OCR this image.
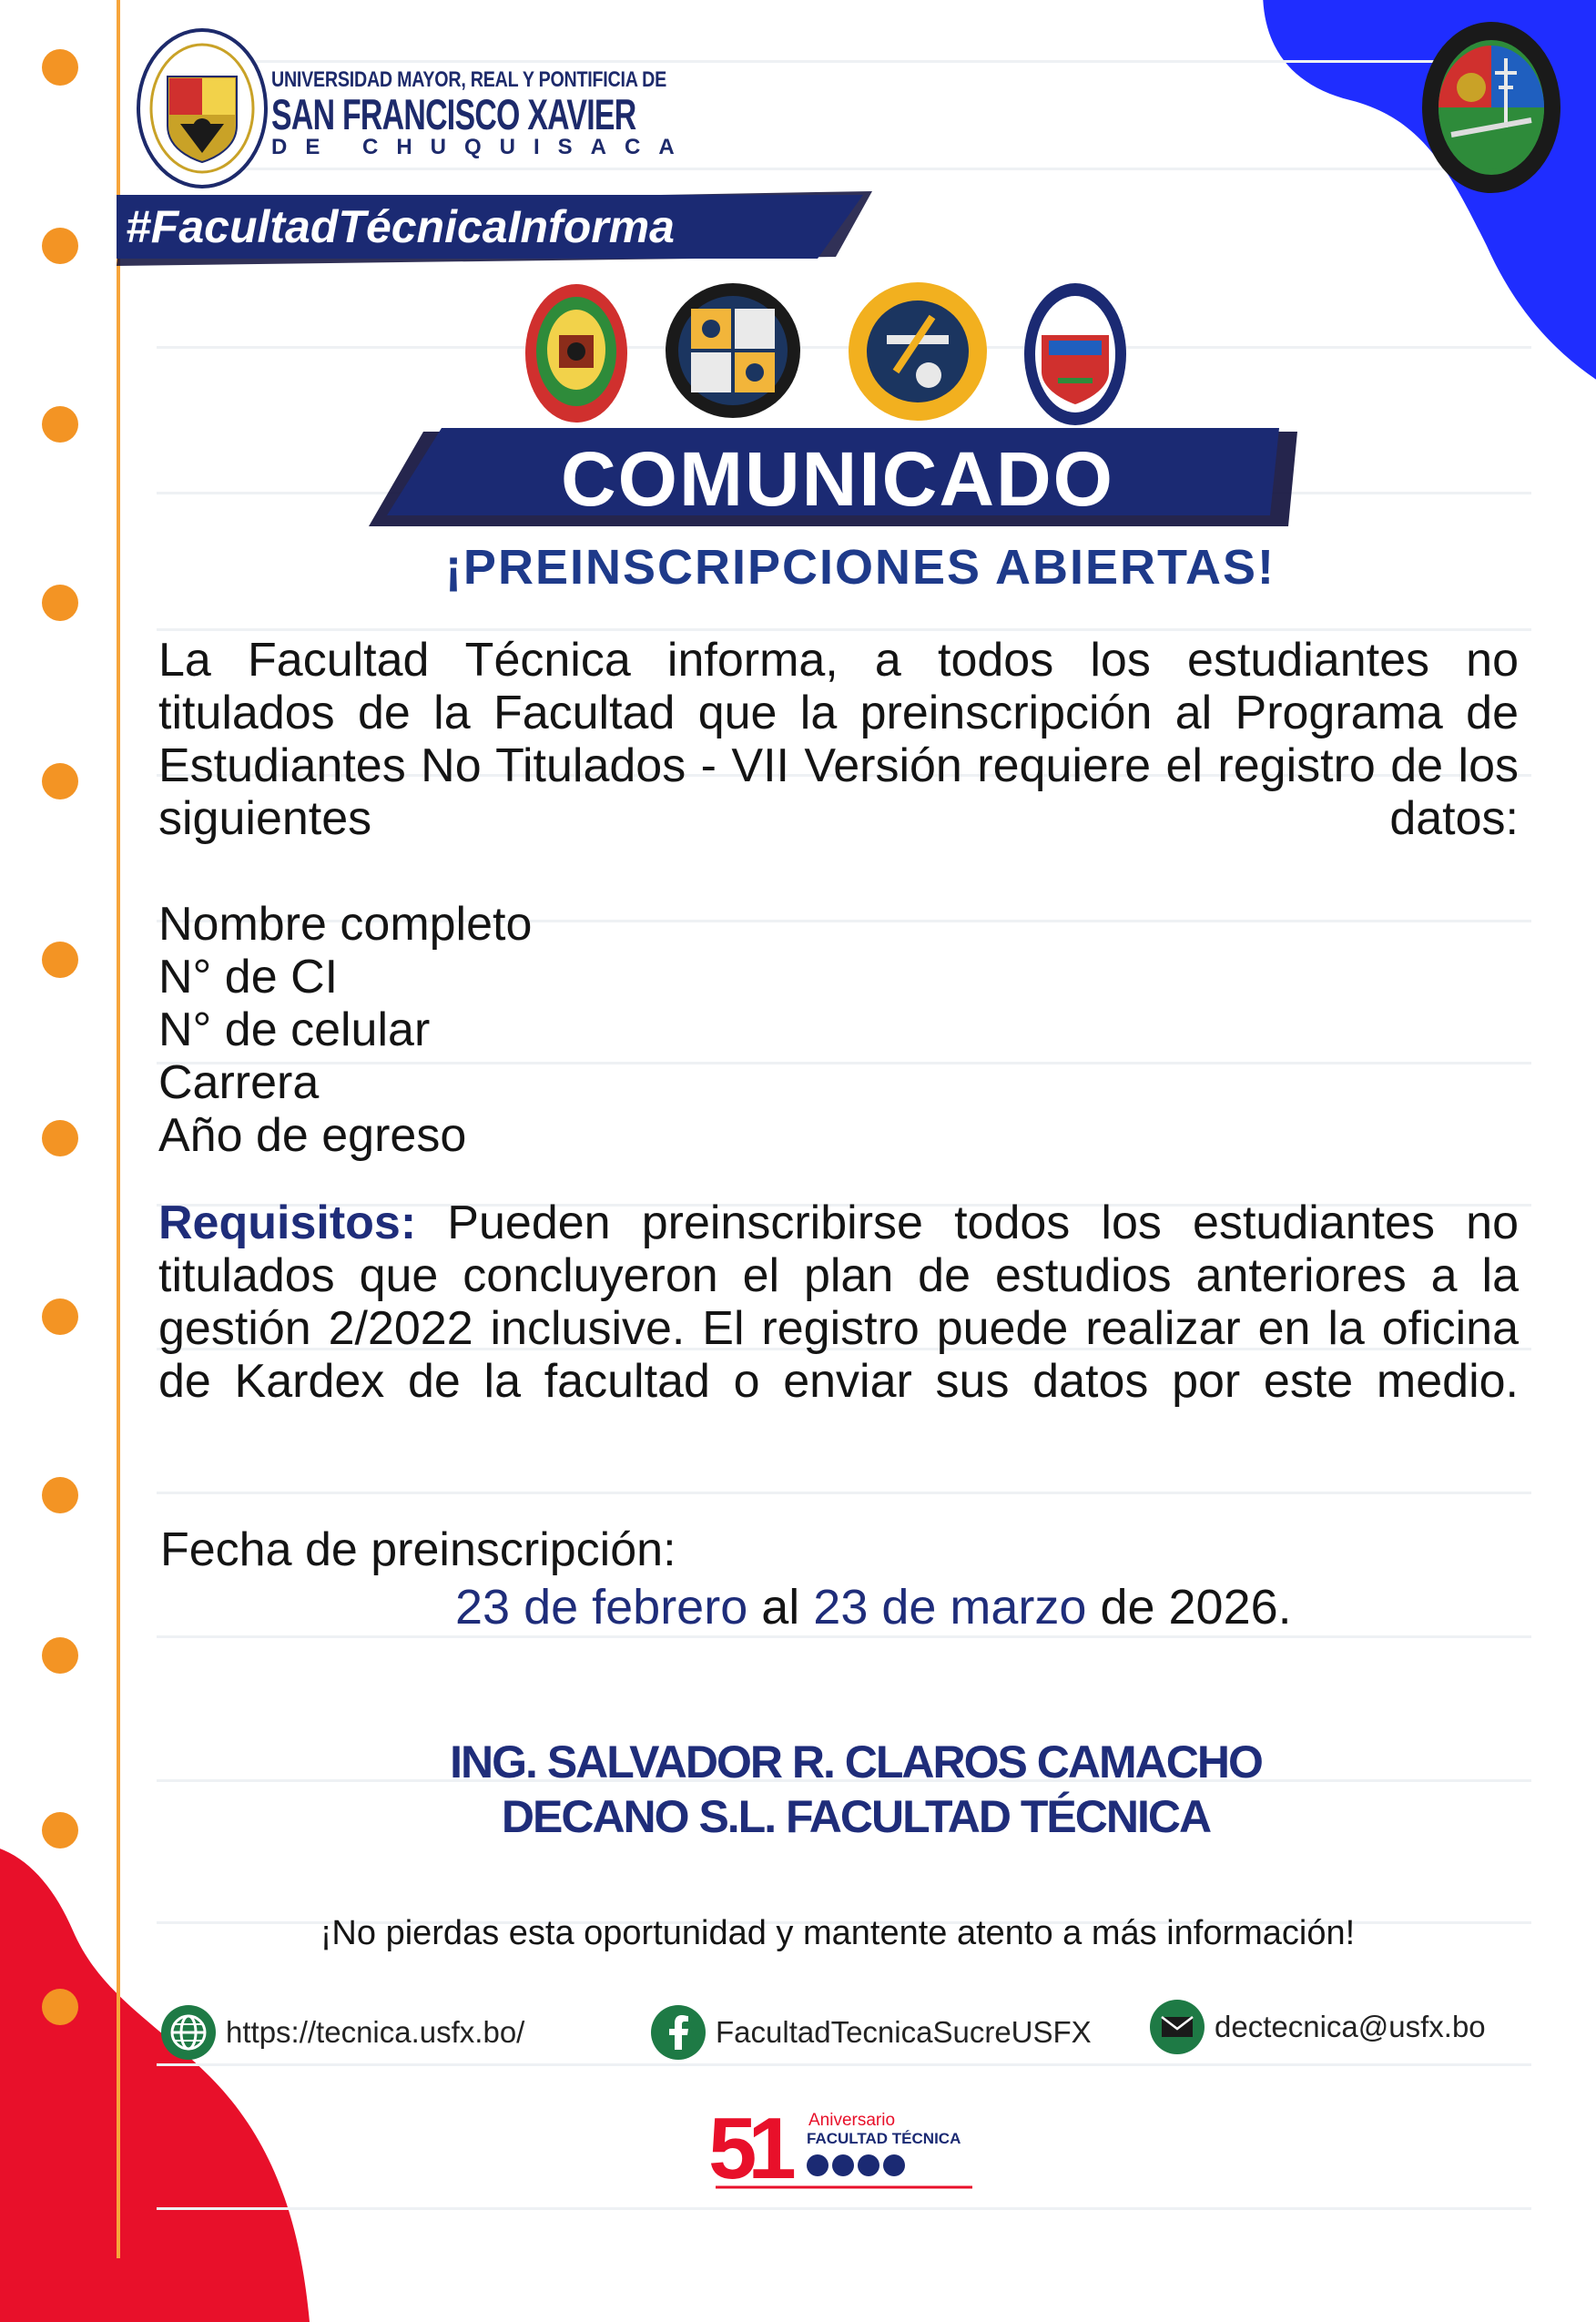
UNIVERSIDAD MAYOR, REAL Y PONTIFICIA DE
SAN FRANCISCO XAVIER
DE CHUQUISACA
#FacultadTécnicaInforma
COMUNICADO
¡PREINSCRIPCIONES ABIERTAS!
La Facultad Técnica informa, a todos los estudiantes no titulados de la Facultad que la preinscripción al Programa de Estudiantes No Titulados - VII Versión requiere el registro de los siguientes datos:
Nombre completo
N° de CI
N° de celular
Carrera
Año de egreso
Requisitos: Pueden preinscribirse todos los estudiantes no titulados que concluyeron el plan de estudios anteriores a la gestión 2/2022 inclusive. El registro puede realizar en la oficina de Kardex de la facultad o enviar sus datos por este medio.
Fecha de preinscripción:
23 de febrero al 23 de marzo de 2026.
ING. SALVADOR R. CLAROS CAMACHO
DECANO S.L. FACULTAD TÉCNICA
¡No pierdas esta oportunidad y mantente atento a más información!
https://tecnica.usfx.bo/	FacultadTecnicaSucreUSFX	dectecnica@usfx.bo
51	Aniversario
FACULTAD TÉCNICA
